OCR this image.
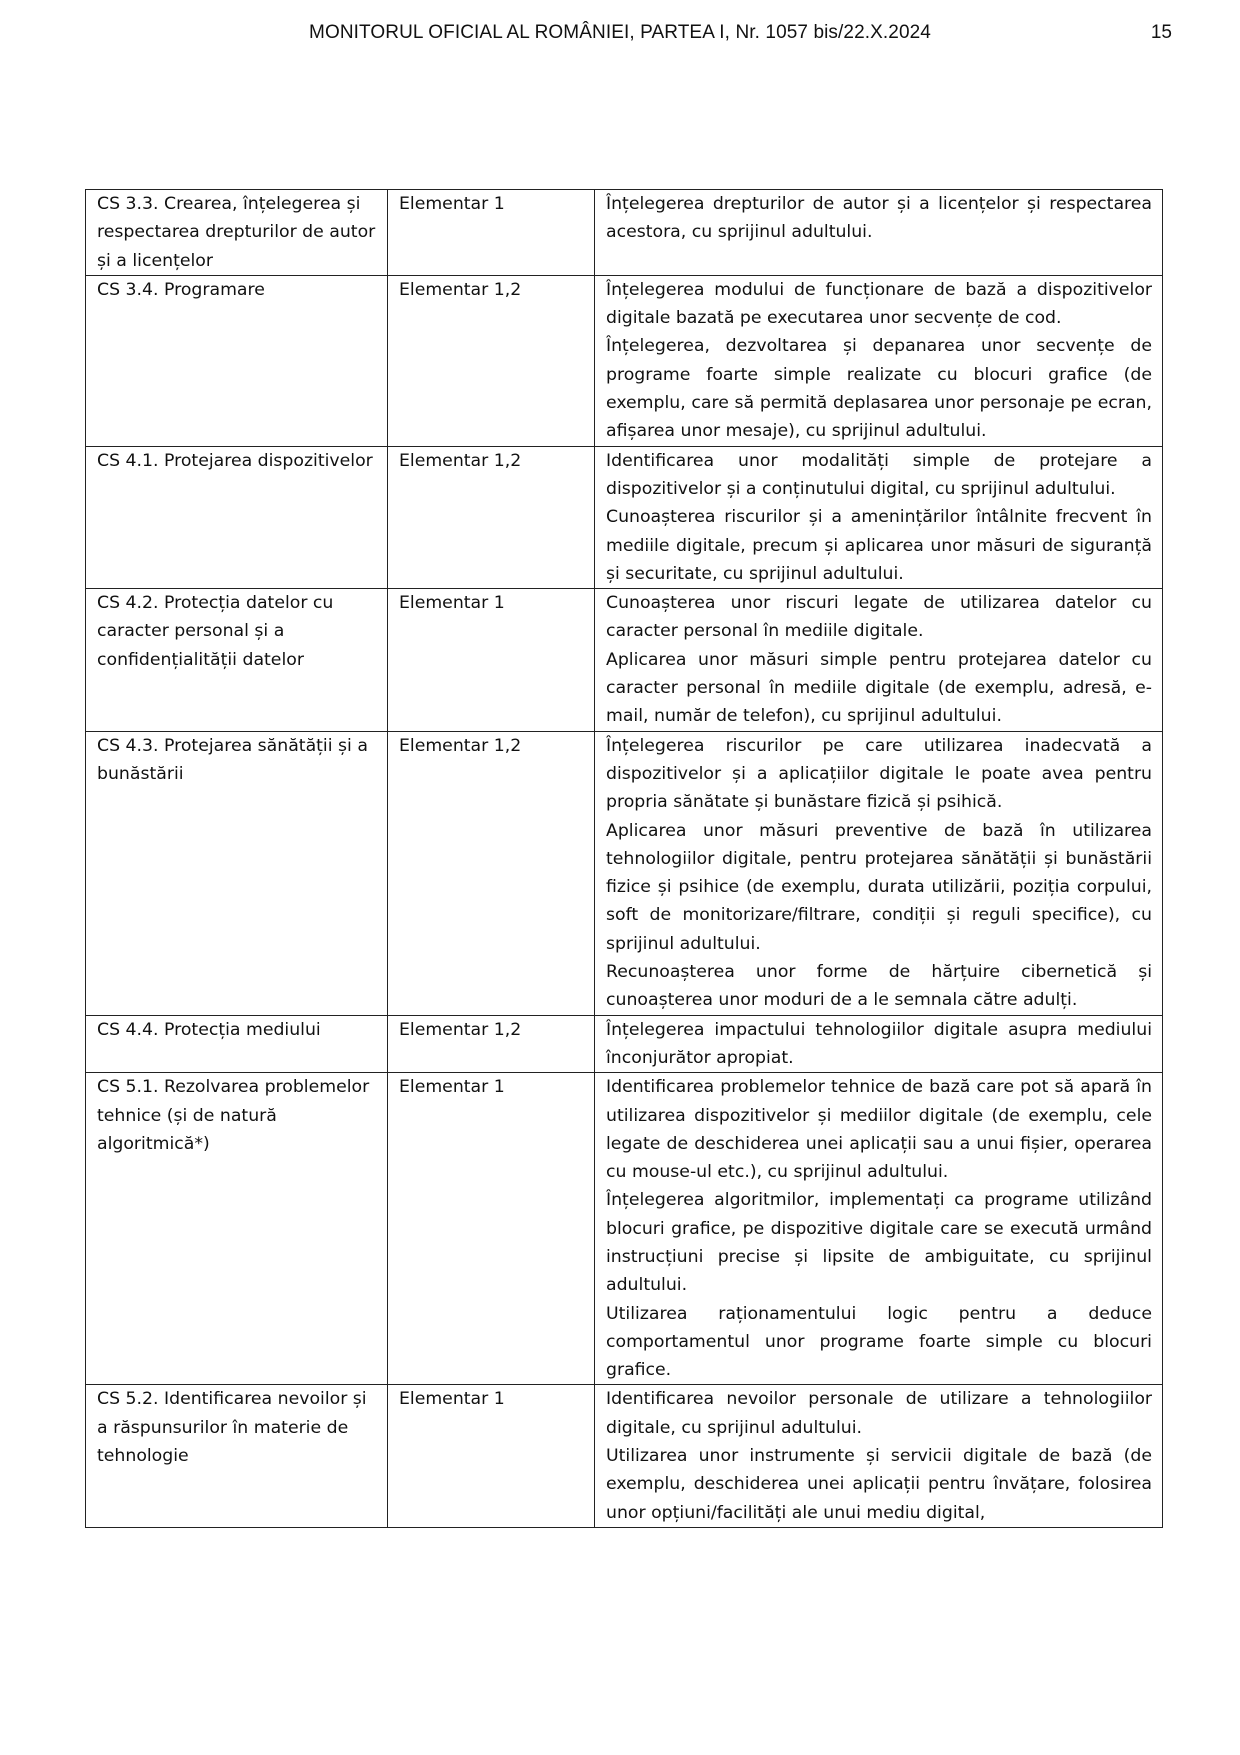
MONITORUL OFICIAL AL ROMÂNIEI, PARTEA I, Nr. 1057 bis/22.X.2024	15
CS 3.3. Crearea, înțelegerea și respectarea drepturilor de autor și a licențelor	Elementar 1	Înțelegerea drepturilor de autor și a licențelor și respectarea acestora, cu sprijinul adultului.

CS 3.4. Programare	Elementar 1,2	Înțelegerea modului de funcționare de bază a dispozitivelor digitale bazată pe executarea unor secvențe de cod.

Înțelegerea, dezvoltarea și depanarea unor secvențe de programe foarte simple realizate cu blocuri grafice (de exemplu, care să permită deplasarea unor personaje pe ecran, afișarea unor mesaje), cu sprijinul adultului.

CS 4.1. Protejarea dispozitivelor	Elementar 1,2	Identificarea unor modalități simple de protejare a dispozitivelor și a conținutului digital, cu sprijinul adultului.

Cunoașterea riscurilor și a amenințărilor întâlnite frecvent în mediile digitale, precum și aplicarea unor măsuri de siguranță și securitate, cu sprijinul adultului.

CS 4.2. Protecția datelor cu caracter personal și a confidențialității datelor	Elementar 1	Cunoașterea unor riscuri legate de utilizarea datelor cu caracter personal în mediile digitale.

Aplicarea unor măsuri simple pentru protejarea datelor cu caracter personal în mediile digitale (de exemplu, adresă, e-mail, număr de telefon), cu sprijinul adultului.

CS 4.3. Protejarea sănătății și a bunăstării	Elementar 1,2	Înțelegerea riscurilor pe care utilizarea inadecvată a dispozitivelor și a aplicațiilor digitale le poate avea pentru propria sănătate și bunăstare fizică și psihică.

Aplicarea unor măsuri preventive de bază în utilizarea tehnologiilor digitale, pentru protejarea sănătății și bunăstării fizice și psihice (de exemplu, durata utilizării, poziția corpului, soft de monitorizare/filtrare, condiții și reguli specifice), cu sprijinul adultului.

Recunoașterea unor forme de hărțuire cibernetică și cunoașterea unor moduri de a le semnala către adulți.

CS 4.4. Protecția mediului	Elementar 1,2	Înțelegerea impactului tehnologiilor digitale asupra mediului înconjurător apropiat.

CS 5.1. Rezolvarea problemelor tehnice (și de natură algoritmică*)	Elementar 1	Identificarea problemelor tehnice de bază care pot să apară în utilizarea dispozitivelor și mediilor digitale (de exemplu, cele legate de deschiderea unei aplicații sau a unui fișier, operarea cu mouse-ul etc.), cu sprijinul adultului.

Înțelegerea algoritmilor, implementați ca programe utilizând blocuri grafice, pe dispozitive digitale care se execută urmând instrucțiuni precise și lipsite de ambiguitate, cu sprijinul adultului.

Utilizarea raționamentului logic pentru a deduce comportamentul unor programe foarte simple cu blocuri grafice.

CS 5.2. Identificarea nevoilor și a răspunsurilor în materie de tehnologie	Elementar 1	Identificarea nevoilor personale de utilizare a tehnologiilor digitale, cu sprijinul adultului.

Utilizarea unor instrumente și servicii digitale de bază (de exemplu, deschiderea unei aplicații pentru învățare, folosirea unor opțiuni/facilități ale unui mediu digital,
